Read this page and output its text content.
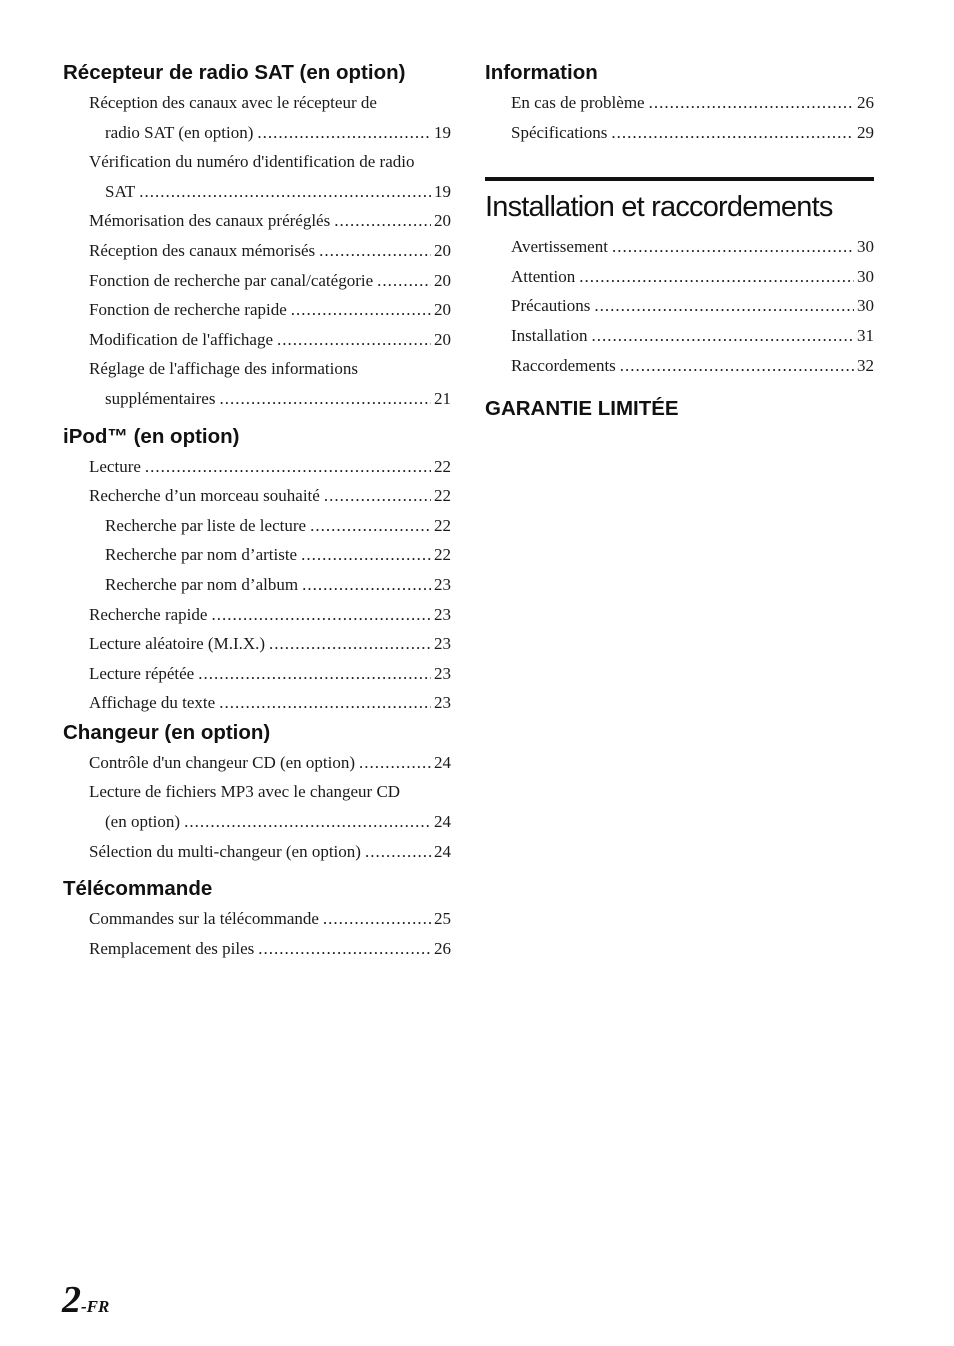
Récepteur de radio SAT (en option)
Réception des canaux avec le récepteur de
radio SAT (en option) .....	19
Vérification du numéro d'identification de radio
SAT .....	19
Mémorisation des canaux préréglés .....	20
Réception des canaux mémorisés .....	20
Fonction de recherche par canal/catégorie .....	20
Fonction de recherche rapide .....	20
Modification de l'affichage .....	20
Réglage de l'affichage des informations
supplémentaires .....	21
iPod™ (en option)
Lecture .....	22
Recherche d’un morceau souhaité .....	22
Recherche par liste de lecture .....	22
Recherche par nom d’artiste .....	22
Recherche par nom d’album .....	23
Recherche rapide .....	23
Lecture aléatoire (M.I.X.) .....	23
Lecture répétée .....	23
Affichage du texte .....	23
Changeur (en option)
Contrôle d'un changeur CD (en option) .....	24
Lecture de fichiers MP3 avec le changeur CD
(en option) .....	24
Sélection du multi-changeur (en option) .....	24
Télécommande
Commandes sur la télécommande .....	25
Remplacement des piles .....	26
Information
En cas de problème .....	26
Spécifications .....	29
Installation et raccordements
Avertissement .....	30
Attention .....	30
Précautions .....	30
Installation .....	31
Raccordements .....	32
GARANTIE LIMITÉE
2-FR
